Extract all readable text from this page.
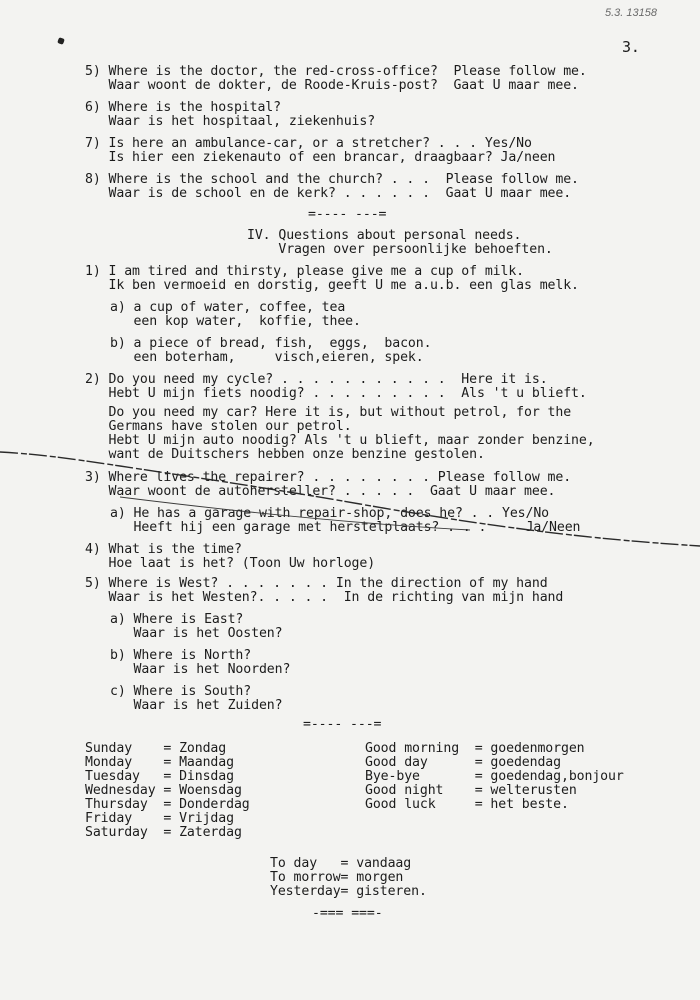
5.3. 13158
3.
5) Where is the doctor, the red-cross-office?  Please follow me.
Waar woont de dokter, de Roode-Kruis-post?  Gaat U maar mee.
6) Where is the hospital?
Waar is het hospitaal, ziekenhuis?
7) Is here an ambulance-car, or a stretcher? . . . Yes/No
Is hier een ziekenauto of een brancar, draagbaar? Ja/neen
8) Where is the school and the church? . . .  Please follow me.
Waar is de school en de kerk? . . . . . .  Gaat U maar mee.
=---- ---=
IV. Questions about personal needs.
Vragen over persoonlijke behoeften.
1) I am tired and thirsty, please give me a cup of milk.
Ik ben vermoeid en dorstig, geeft U me a.u.b. een glas melk.
a) a cup of water, coffee, tea
een kop water,  koffie, thee.
b) a piece of bread, fish,  eggs,  bacon.
een boterham,     visch,eieren, spek.
2) Do you need my cycle? . . . . . . . . . . .  Here it is.
Hebt U mijn fiets noodig? . . . . . . . . .  Als 't u blieft.
Do you need my car? Here it is, but without petrol, for the
Germans have stolen our petrol.
Hebt U mijn auto noodig? Als 't u blieft, maar zonder benzine,
want de Duitschers hebben onze benzine gestolen.
3) Where lives the repairer? . . . . . . . . Please follow me.
Waar woont de autohersteller? . . . . .  Gaat U maar mee.
a) He has a garage with repair-shop, does he? . . Yes/No
Heeft hij een garage met herstelplaats? . . .     Ja/Neen
4) What is the time?
Hoe laat is het? (Toon Uw horloge)
5) Where is West? . . . . . . . In the direction of my hand
Waar is het Westen?. . . . .  In de richting van mijn hand
a) Where is East?
Waar is het Oosten?
b) Where is North?
Waar is het Noorden?
c) Where is South?
Waar is het Zuiden?
=---- ---=
Sunday    = Zondag
Monday    = Maandag
Tuesday   = Dinsdag
Wednesday = Woensdag
Thursday  = Donderdag
Friday    = Vrijdag
Saturday  = Zaterdag
Good morning  = goedenmorgen
Good day      = goedendag
Bye-bye       = goedendag,bonjour
Good night    = welterusten
Good luck     = het beste.
To day   = vandaag
To morrow= morgen
Yesterday= gisteren.
-=== ===-
